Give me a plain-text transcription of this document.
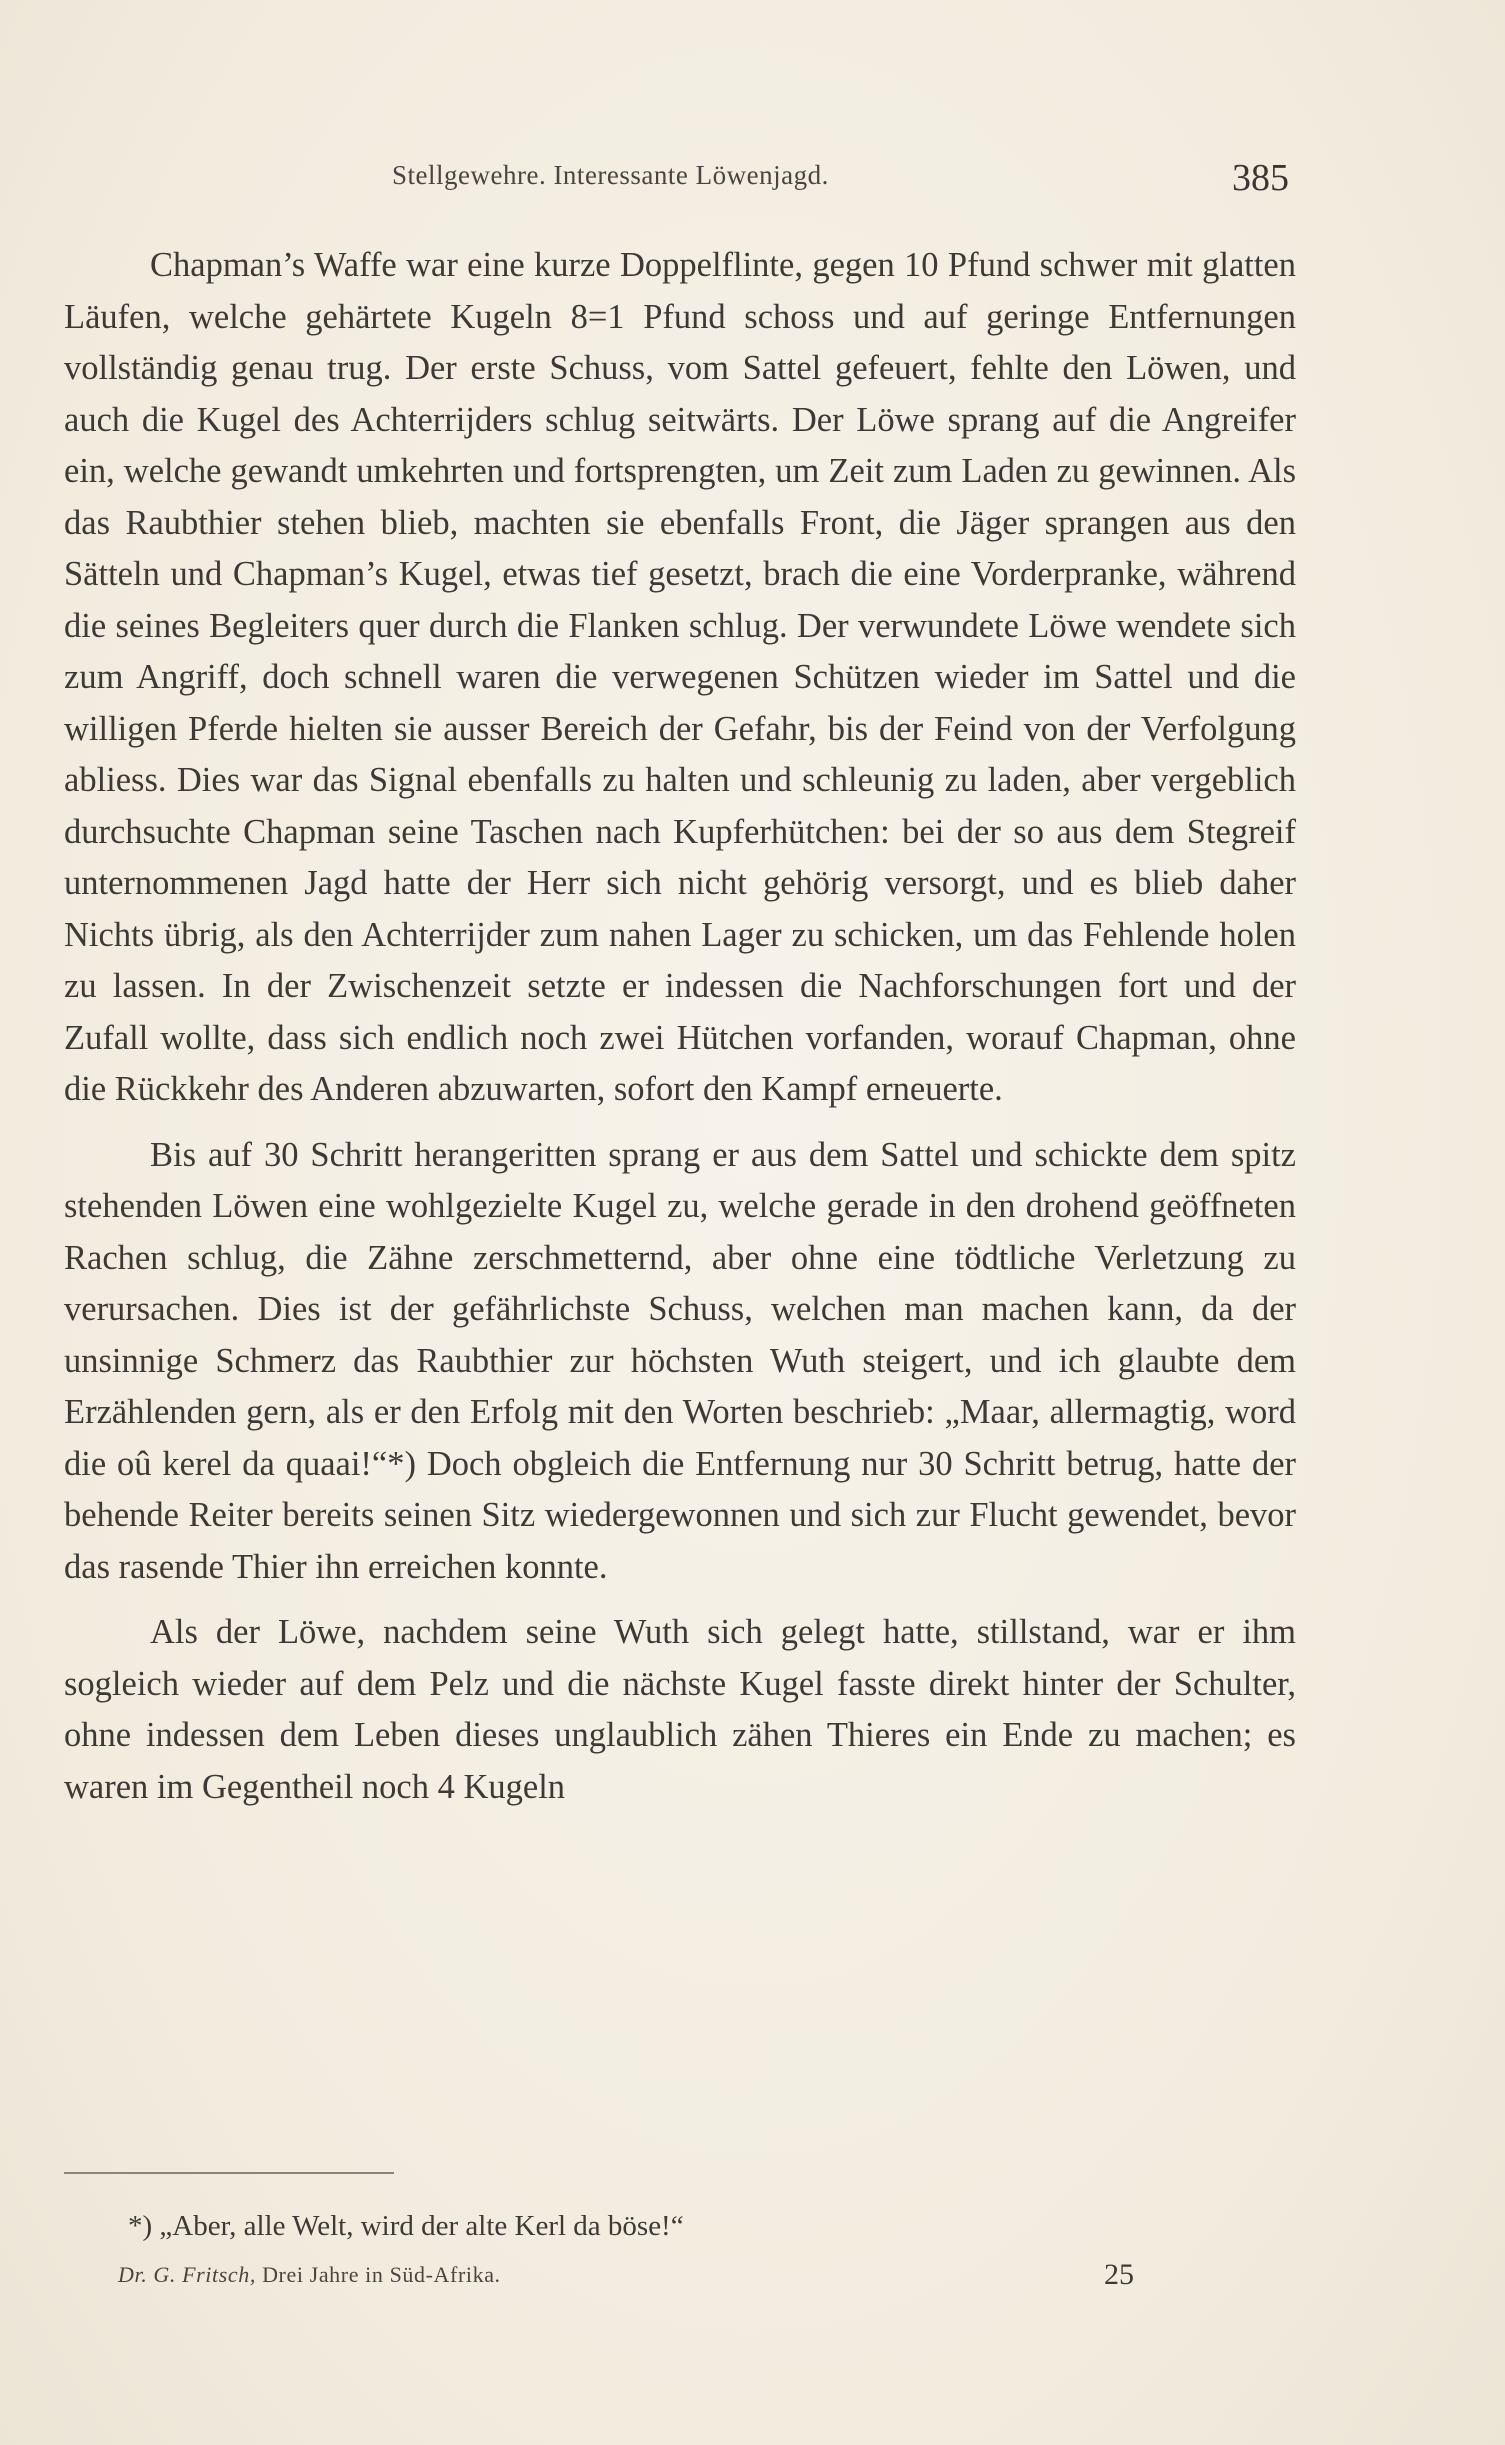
Stellgewehre. Interessante Löwenjagd.	385

Chapman’s Waffe war eine kurze Doppelflinte, gegen 10 Pfund schwer mit glatten Läufen, welche gehärtete Kugeln 8=1 Pfund schoss und auf geringe Entfernungen vollständig genau trug. Der erste Schuss, vom Sattel gefeuert, fehlte den Löwen, und auch die Kugel des Achterrijders schlug seitwärts. Der Löwe sprang auf die Angreifer ein, welche gewandt umkehrten und fortsprengten, um Zeit zum Laden zu gewinnen. Als das Raubthier stehen blieb, machten sie ebenfalls Front, die Jäger sprangen aus den Sätteln und Chapman’s Kugel, etwas tief gesetzt, brach die eine Vorderpranke, während die seines Begleiters quer durch die Flanken schlug. Der verwundete Löwe wendete sich zum Angriff, doch schnell waren die verwegenen Schützen wieder im Sattel und die willigen Pferde hielten sie ausser Bereich der Gefahr, bis der Feind von der Verfolgung abliess. Dies war das Signal ebenfalls zu halten und schleunig zu laden, aber vergeblich durchsuchte Chapman seine Taschen nach Kupferhütchen: bei der so aus dem Stegreif unternommenen Jagd hatte der Herr sich nicht gehörig versorgt, und es blieb daher Nichts übrig, als den Achterrijder zum nahen Lager zu schicken, um das Fehlende holen zu lassen. In der Zwischenzeit setzte er indessen die Nachforschungen fort und der Zufall wollte, dass sich endlich noch zwei Hütchen vorfanden, worauf Chapman, ohne die Rückkehr des Anderen abzuwarten, sofort den Kampf erneuerte.

Bis auf 30 Schritt herangeritten sprang er aus dem Sattel und schickte dem spitz stehenden Löwen eine wohlgezielte Kugel zu, welche gerade in den drohend geöffneten Rachen schlug, die Zähne zerschmetternd, aber ohne eine tödtliche Verletzung zu verursachen. Dies ist der gefährlichste Schuss, welchen man machen kann, da der unsinnige Schmerz das Raubthier zur höchsten Wuth steigert, und ich glaubte dem Erzählenden gern, als er den Erfolg mit den Worten beschrieb: „Maar, allermagtig, word die oû kerel da quaai!“*) Doch obgleich die Entfernung nur 30 Schritt betrug, hatte der behende Reiter bereits seinen Sitz wiedergewonnen und sich zur Flucht gewendet, bevor das rasende Thier ihn erreichen konnte.

Als der Löwe, nachdem seine Wuth sich gelegt hatte, stillstand, war er ihm sogleich wieder auf dem Pelz und die nächste Kugel fasste direkt hinter der Schulter, ohne indessen dem Leben dieses unglaublich zähen Thieres ein Ende zu machen; es waren im Gegentheil noch 4 Kugeln

*) „Aber, alle Welt, wird der alte Kerl da böse!“
Dr. G. Fritsch, Drei Jahre in Süd-Afrika.	25
